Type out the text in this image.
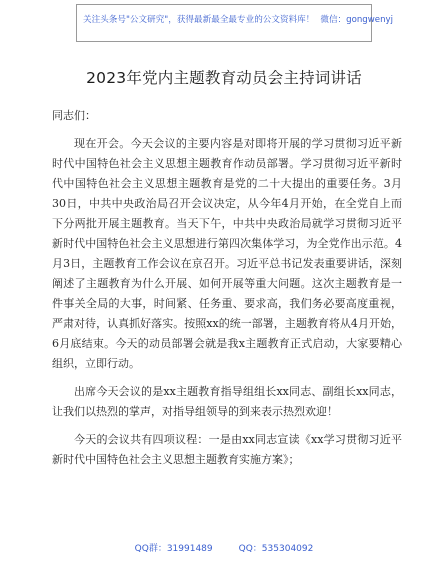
关注头条号"公文研究"，获得最新最全最专业的公文资料库！ 微信：gongwenyj
2023年党内主题教育动员会主持词讲话

同志们：

现在开会。今天会议的主要内容是对即将开展的学习贯彻习近平新时代中国特色社会主义思想主题教育作动员部署。学习贯彻习近平新时代中国特色社会主义思想主题教育是党的二十大提出的重要任务。3月30日，中共中央政治局召开会议决定，从今年4月开始，在全党自上而下分两批开展主题教育。当天下午，中共中央政治局就学习贯彻习近平新时代中国特色社会主义思想进行第四次集体学习，为全党作出示范。4月3日，主题教育工作会议在京召开。习近平总书记发表重要讲话，深刻阐述了主题教育为什么开展、如何开展等重大问题。这次主题教育是一件事关全局的大事，时间紧、任务重、要求高，我们务必要高度重视，严肃对待，认真抓好落实。按照xx的统一部署，主题教育将从4月开始，6月底结束。今天的动员部署会就是我x主题教育正式启动，大家要精心组织，立即行动。

出席今天会议的是xx主题教育指导组组长xx同志、副组长xx同志，让我们以热烈的掌声，对指导组领导的到来表示热烈欢迎！

今天的会议共有四项议程：一是由xx同志宣读《xx学习贯彻习近平新时代中国特色社会主义思想主题教育实施方案》；

QQ群：31991489	QQ：535304092
